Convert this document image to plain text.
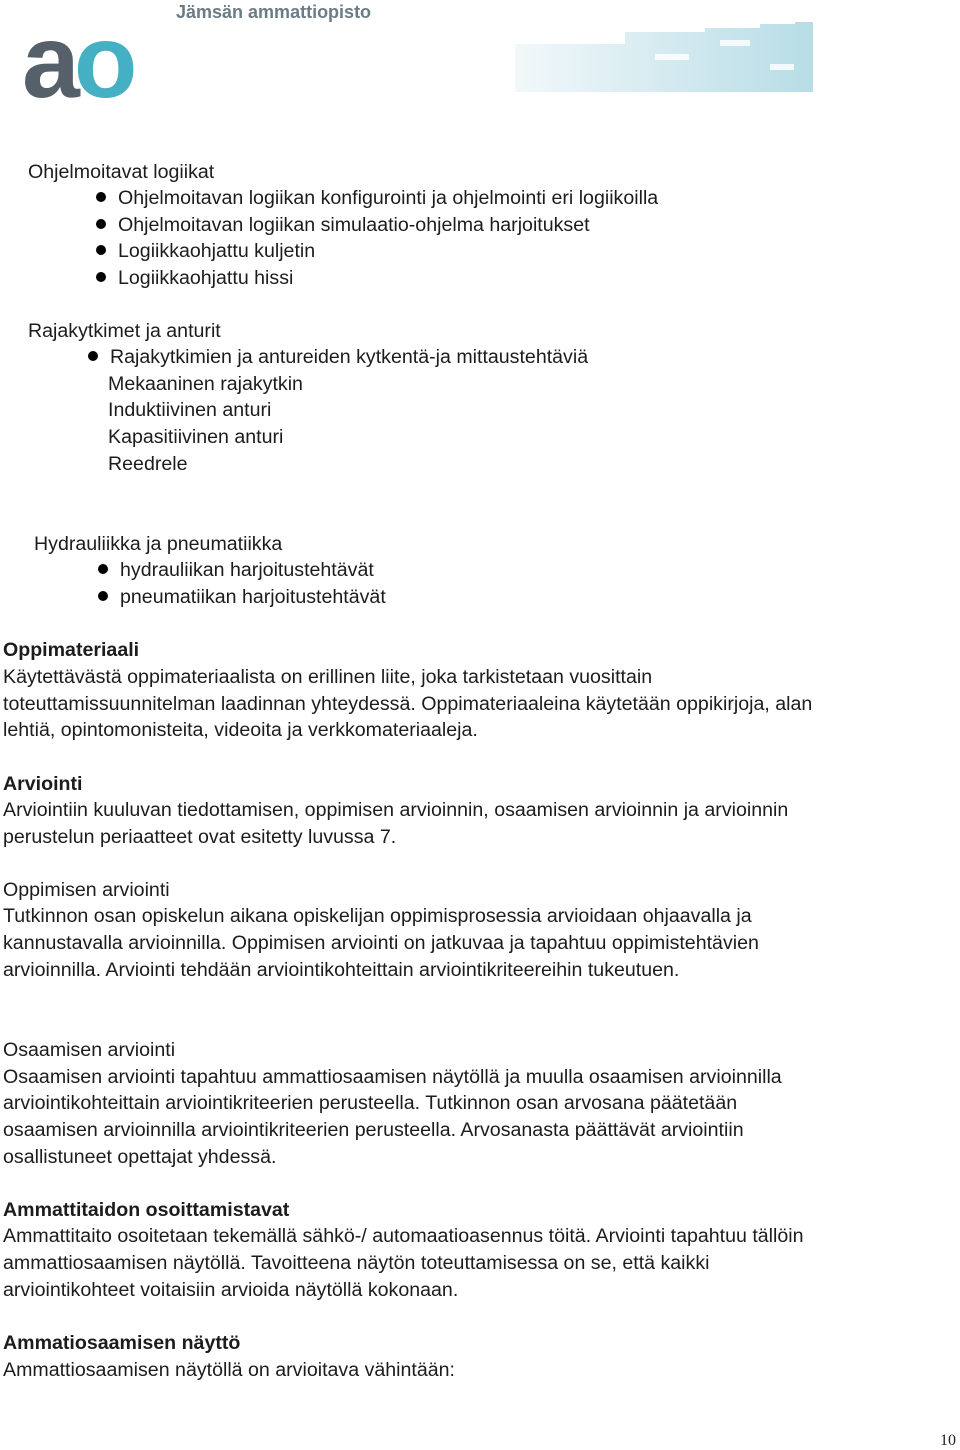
ao Jämsän ammattiopisto
Ohjelmoitavat logiikat
Ohjelmoitavan logiikan konfigurointi ja ohjelmointi eri logiikoilla
Ohjelmoitavan logiikan simulaatio-ohjelma harjoitukset
Logiikkaohjattu kuljetin
Logiikkaohjattu hissi
Rajakytkimet ja anturit
Rajakytkimien ja antureiden kytkentä-ja mittaustehtäviä
Mekaaninen rajakytkin
Induktiivinen anturi
Kapasitiivinen anturi
Reedrele
Hydrauliikka ja pneumatiikka
hydrauliikan harjoitustehtävät
pneumatiikan harjoitustehtävät
Oppimateriaali
Käytettävästä oppimateriaalista on erillinen liite, joka tarkistetaan vuosittain
toteuttamissuunnitelman laadinnan yhteydessä. Oppimateriaaleina käytetään oppikirjoja, alan
lehtiä, opintomonisteita, videoita ja verkkomateriaaleja.
Arviointi
Arviointiin kuuluvan tiedottamisen, oppimisen arvioinnin, osaamisen arvioinnin ja arvioinnin
perustelun periaatteet ovat esitetty luvussa 7.
Oppimisen arviointi
Tutkinnon osan opiskelun aikana opiskelijan oppimisprosessia arvioidaan ohjaavalla ja
kannustavalla arvioinnilla. Oppimisen arviointi on jatkuvaa ja tapahtuu oppimistehtävien
arvioinnilla. Arviointi tehdään arviointikohteittain arviointikriteereihin tukeutuen.
Osaamisen arviointi
Osaamisen arviointi tapahtuu ammattiosaamisen näytöllä ja muulla osaamisen arvioinnilla
arviointikohteittain arviointikriteerien perusteella. Tutkinnon osan arvosana päätetään
osaamisen arvioinnilla arviointikriteerien perusteella. Arvosanasta päättävät arviointiin
osallistuneet opettajat yhdessä.
Ammattitaidon osoittamistavat
Ammattitaito osoitetaan tekemällä sähkö-/ automaatioasennus töitä. Arviointi tapahtuu tällöin
ammattiosaamisen näytöllä. Tavoitteena näytön toteuttamisessa on se, että kaikki
arviointikohteet voitaisiin arvioida näytöllä kokonaan.
Ammatiosaamisen näyttö
Ammattiosaamisen näytöllä on arvioitava vähintään:
10
